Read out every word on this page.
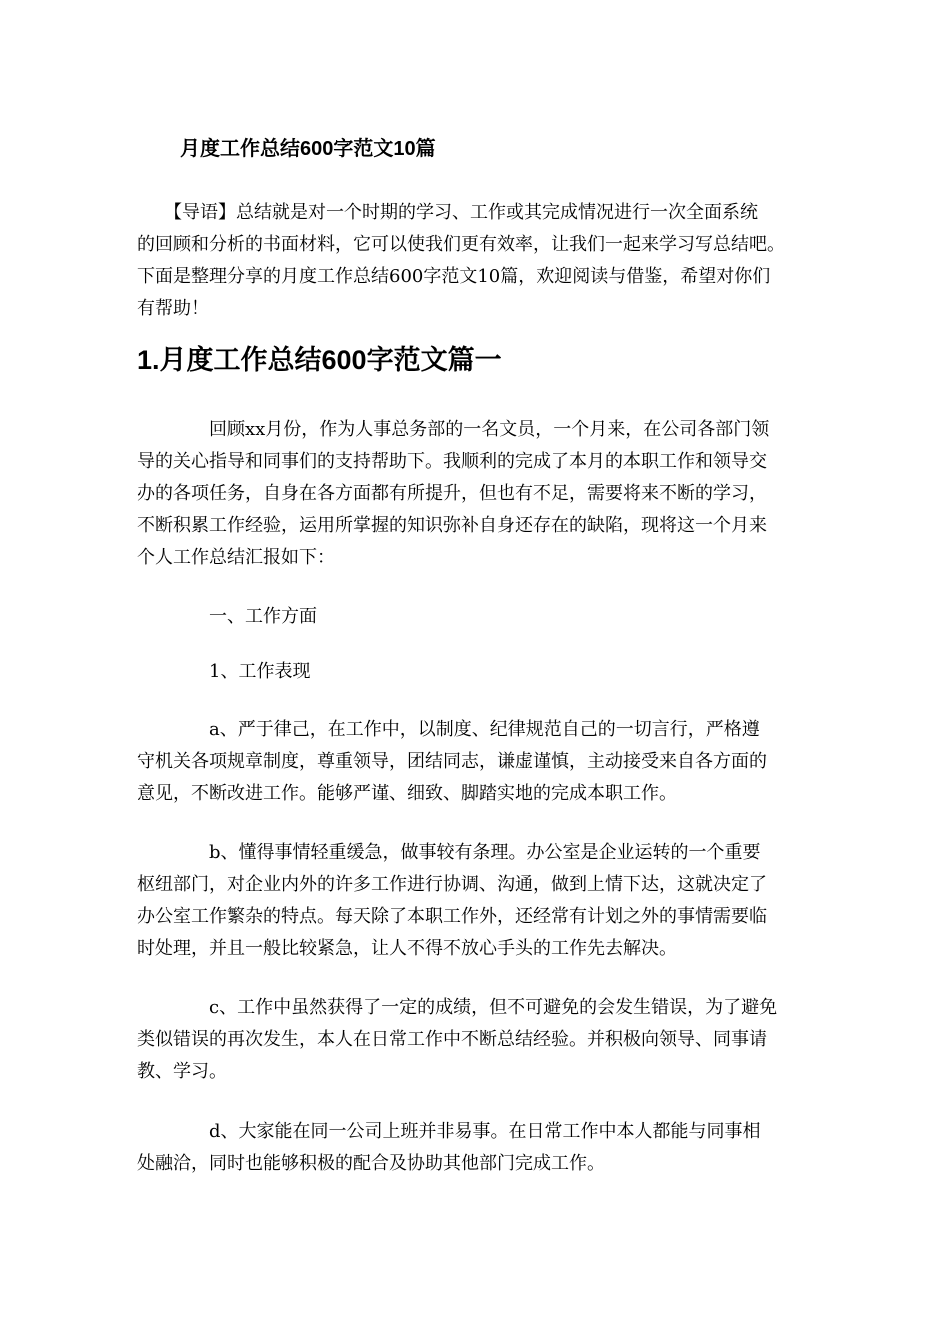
月度工作总结600字范文10篇

　　【导语】总结就是对一个时期的学习、工作或其完成情况进行一次全面系统
的回顾和分析的书面材料，它可以使我们更有效率，让我们一起来学习写总结吧。
下面是整理分享的月度工作总结600字范文10篇，欢迎阅读与借鉴，希望对你们
有帮助！

1.月度工作总结600字范文篇一

　　　　回顾xx月份，作为人事总务部的一名文员，一个月来，在公司各部门领
导的关心指导和同事们的支持帮助下。我顺利的完成了本月的本职工作和领导交
办的各项任务，自身在各方面都有所提升，但也有不足，需要将来不断的学习，
不断积累工作经验，运用所掌握的知识弥补自身还存在的缺陷，现将这一个月来
个人工作总结汇报如下：

　　　　一、工作方面

　　　　1、工作表现

　　　　a、严于律己，在工作中，以制度、纪律规范自己的一切言行，严格遵
守机关各项规章制度，尊重领导，团结同志，谦虚谨慎，主动接受来自各方面的
意见，不断改进工作。能够严谨、细致、脚踏实地的完成本职工作。

　　　　b、懂得事情轻重缓急，做事较有条理。办公室是企业运转的一个重要
枢纽部门，对企业内外的许多工作进行协调、沟通，做到上情下达，这就决定了
办公室工作繁杂的特点。每天除了本职工作外，还经常有计划之外的事情需要临
时处理，并且一般比较紧急，让人不得不放心手头的工作先去解决。

　　　　c、工作中虽然获得了一定的成绩，但不可避免的会发生错误，为了避免
类似错误的再次发生，本人在日常工作中不断总结经验。并积极向领导、同事请
教、学习。

　　　　d、大家能在同一公司上班并非易事。在日常工作中本人都能与同事相
处融洽，同时也能够积极的配合及协助其他部门完成工作。
